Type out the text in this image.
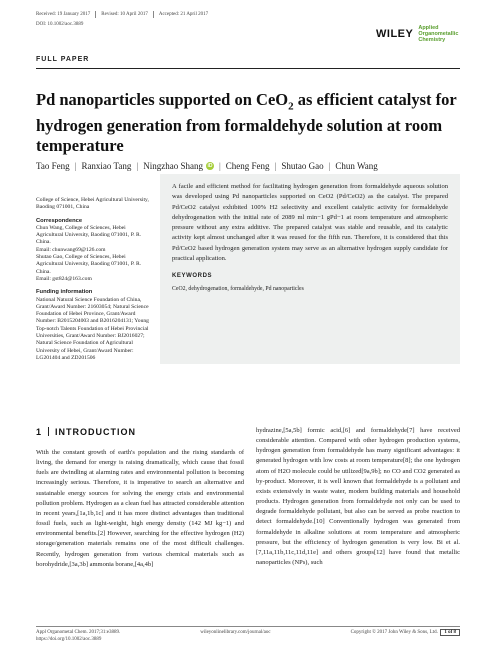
Received: 19 January 2017 Revised: 10 April 2017 Accepted: 21 April 2017
DOI: 10.1002/aoc.3889
WILEY Applied
Organometallic
Chemistry
FULL PAPER
Pd nanoparticles supported on CeO$_2$ as efficient catalyst for hydrogen generation from formaldehyde solution at room temperature
Tao Feng | Ranxiao Tang | Ningzhao Shang iD | Cheng Feng | Shutao Gao | Chun Wang

College of Science, Hebei Agricultural University, Baoding 071001, China

Correspondence

Chun Wang, College of Sciences, Hebei Agricultural University, Baoding 071001, P. R. China.

Email: chunwang69@126.com

Shutao Gao, College of Sciences, Hebei Agricultural University, Baoding 071001, P. R. China.

Email: gst824@163.com

Funding information

National Natural Science Foundation of China, Grant/Award Number: 21603054; Natural Science Foundation of Hebei Province, Grant/Award Number: B2015204003 and B2016204131; Young Top-notch Talents Foundation of Hebei Provincial Universities, Grant/Award Number: BJ2016027; Natural Science Foundation of Agricultural University of Hebei, Grant/Award Number: LG201404 and ZD201506

A facile and efficient method for facilitating hydrogen generation from formaldehyde aqueous solution was developed using Pd nanoparticles supported on CeO2 (Pd/CeO2) as the catalyst. The prepared Pd/CeO2 catalyst exhibited 100% H2 selectivity and excellent catalytic activity for formaldehyde dehydrogenation with the initial rate of 2089 ml min−1 gPd−1 at room temperature and atmospheric pressure without any extra additive. The prepared catalyst was stable and reusable, and its catalytic activity kept almost unchanged after it was reused for the fifth run. Therefore, it is considered that this Pd/CeO2 based hydrogen generation system may serve as an alternative hydrogen supply candidate for practical application.

KEYWORDS

CeO2, dehydrogenation, formaldehyde, Pd nanoparticles

1 INTRODUCTION
With the constant growth of earth's population and the rising standards of living, the demand for energy is raising dramatically, which cause that fossil fuels are dwindling at alarming rates and environmental pollution is becoming increasingly serious. Therefore, it is imperative to search an alternative and sustainable energy sources for solving the energy crisis and environmental pollution problem. Hydrogen as a clean fuel has attracted considerable attention in recent years,[1a,1b,1c] and it has more distinct advantages than traditional fossil fuels, such as light-weight, high energy density (142 MJ kg−1) and environmental benefits.[2] However, searching for the effective hydrogen (H2) storage/generation materials remains one of the most difficult challenges. Recently, hydrogen generation from various chemical materials such as borohydride,[3a,3b] ammonia borane,[4a,4b]
hydrazine,[5a,5b] formic acid,[6] and formaldehyde[7] have received considerable attention. Compared with other hydrogen production systems, hydrogen generation from formaldehyde has many significant advantages: it generated hydrogen with low costs at room temperature[8]; the one hydrogen atom of H2O molecule could be utilized[9a,9b]; no CO and CO2 generated as by-product. Moreover, it is well known that formaldehyde is a pollutant and exists extensively in waste water, modern building materials and household products. Hydrogen generation from formaldehyde not only can be used to degrade formaldehyde pollutant, but also can be served as probe reaction to detect formaldehyde.[10] Conventionally hydrogen was generated from formaldehyde in alkaline solutions at room temperature and atmospheric pressure, but the efficiency of hydrogen generation is very low. Bi et al.[7,11a,11b,11c,11d,11e] and others groups[12] have found that metallic nanoparticles (NPs), such
Appl Organometal Chem. 2017;31:e3889.	wileyonlinelibrary.com/journal/aoc	Copyright © 2017 John Wiley & Sons, Ltd. 1 of 8
https://doi.org/10.1002/aoc.3889
